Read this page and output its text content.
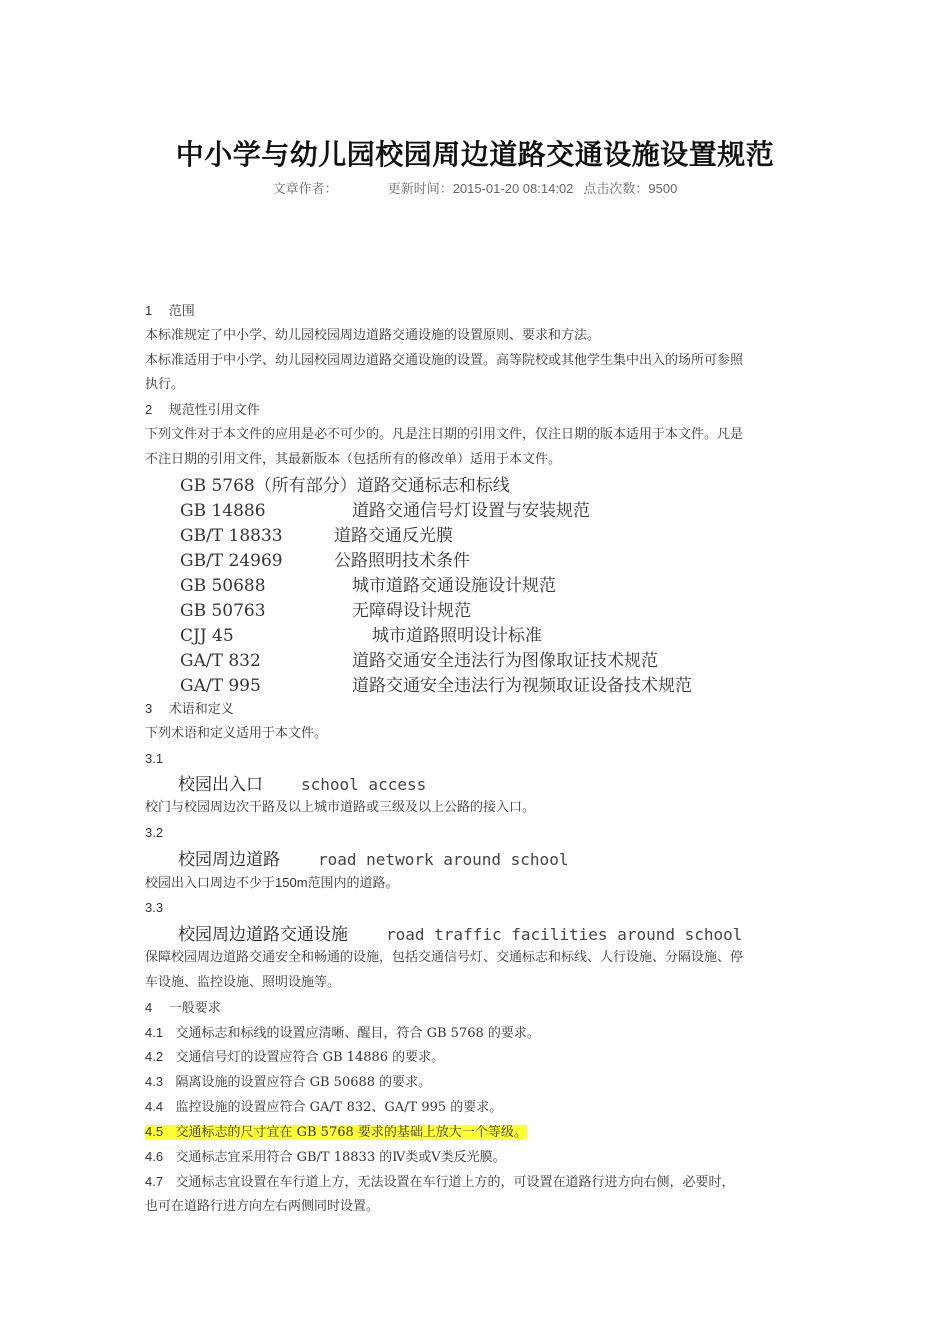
中小学与幼儿园校园周边道路交通设施设置规范
文章作者：	更新时间：2015-01-20 08:14:02 点击次数：9500
1 范围
本标准规定了中小学、幼儿园校园周边道路交通设施的设置原则、要求和方法。
本标准适用于中小学、幼儿园校园周边道路交通设施的设置。高等院校或其他学生集中出入的场所可参照
执行。
2 规范性引用文件
下列文件对于本文件的应用是必不可少的。凡是注日期的引用文件，仅注日期的版本适用于本文件。凡是
不注日期的引用文件，其最新版本（包括所有的修改单）适用于本文件。
GB 5768（所有部分）道路交通标志和标线
GB 14886	道路交通信号灯设置与安装规范
GB/T 18833	道路交通反光膜
GB/T 24969	公路照明技术条件
GB 50688	城市道路交通设施设计规范
GB 50763	无障碍设计规范
CJJ 45	城市道路照明设计标准
GA/T 832	道路交通安全违法行为图像取证技术规范
GA/T 995	道路交通安全违法行为视频取证设备技术规范
3 术语和定义
下列术语和定义适用于本文件。
3.1
校园出入口 school access
校门与校园周边次干路及以上城市道路或三级及以上公路的接入口。
3.2
校园周边道路 road network around school
校园出入口周边不少于150m范围内的道路。
3.3
校园周边道路交通设施 road traffic facilities around school
保障校园周边道路交通安全和畅通的设施，包括交通信号灯、交通标志和标线、人行设施、分隔设施、停
车设施、监控设施、照明设施等。
4 一般要求
4.1 交通标志和标线的设置应清晰、醒目，符合 GB 5768 的要求。
4.2 交通信号灯的设置应符合 GB 14886 的要求。
4.3 隔离设施的设置应符合 GB 50688 的要求。
4.4 监控设施的设置应符合 GA/T 832、GA/T 995 的要求。
4.5 交通标志的尺寸宜在 GB 5768 要求的基础上放大一个等级。
4.6 交通标志宜采用符合 GB/T 18833 的Ⅳ类或Ⅴ类反光膜。
4.7 交通标志宜设置在车行道上方，无法设置在车行道上方的，可设置在道路行进方向右侧，必要时，
也可在道路行进方向左右两侧同时设置。
